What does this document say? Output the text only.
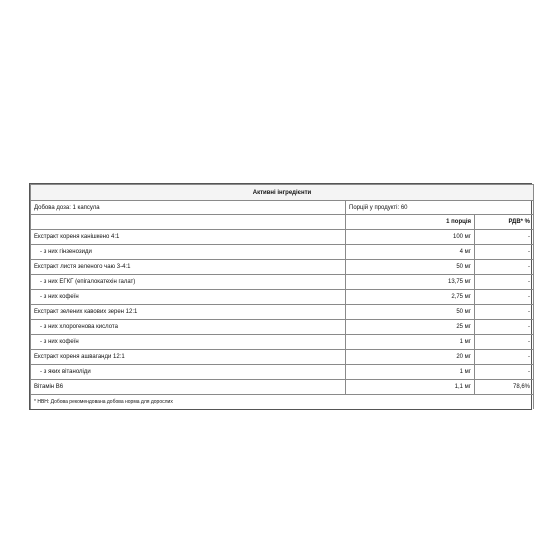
Активні інгредієнти		
Добова доза: 1 капсула	Порцій у продукті: 60	
	1 порція	РДВ* %
Екстракт кореня канішкeно 4:1	100 мг	-
- з них гінзенозиди	4 мг	-
Екстракт листя зеленого чаю 3-4:1	50 мг	-
- з них ЕГКГ (епігалокатехін галат)	13,75 мг	-
- з них кофеїн	2,75 мг	-
Екстракт зелених кавових зерен 12:1	50 мг	-
- з них хлорогенова кислота	25 мг	-
- з них кофеїн	1 мг	-
Екстракт кореня ашваганди 12:1	20 мг	-
- з яких вітаноліди	1 мг	-
Вітамін B6	1,1 мг	78,6%
* НВН: Добова рекомендована добова норма для дорослих		
